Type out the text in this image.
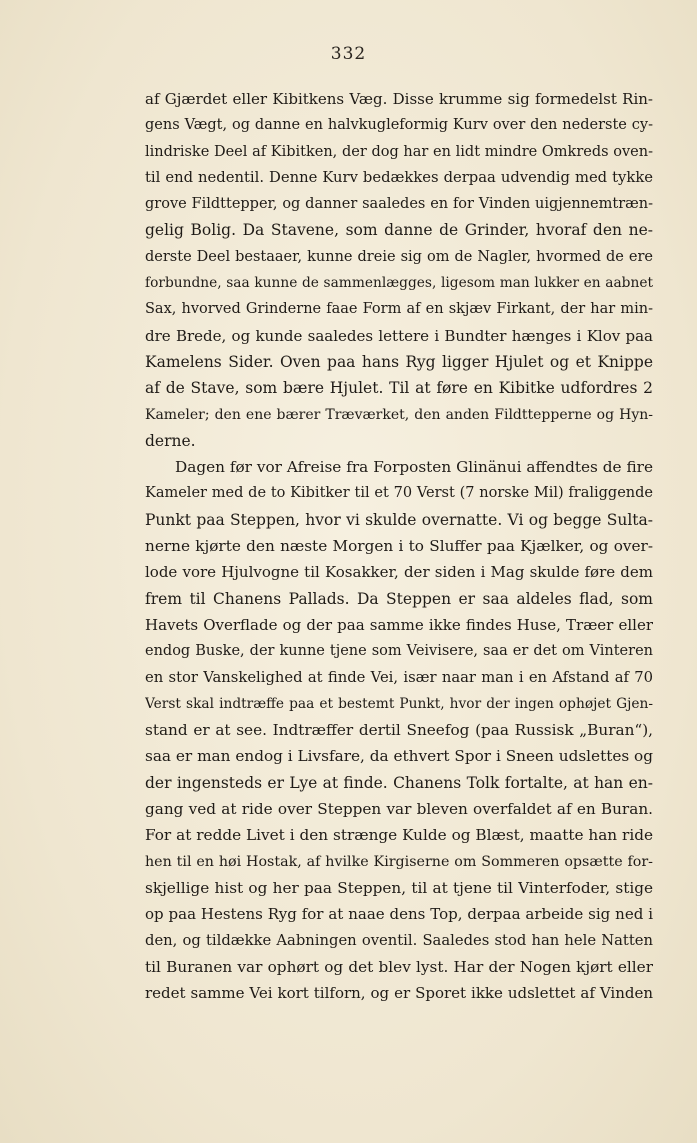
332
af Gjærdet eller Kibitkens Væg. Disse krumme sig formedelst Rin-
gens Vægt, og danne en halvkugleformig Kurv over den nederste cy-
lindriske Deel af Kibitken, der dog har en lidt mindre Omkreds oven-
til end nedentil. Denne Kurv bedækkes derpaa udvendig med tykke
grove Fildttepper, og danner saaledes en for Vinden uigjennemtræn-
gelig Bolig. Da Stavene, som danne de Grinder, hvoraf den ne-
derste Deel bestaaer, kunne dreie sig om de Nagler, hvormed de ere
forbundne, saa kunne de sammenlægges, ligesom man lukker en aabnet
Sax, hvorved Grinderne faae Form af en skjæv Firkant, der har min-
dre Brede, og kunde saaledes lettere i Bundter hænges i Klov paa
Kamelens Sider. Oven paa hans Ryg ligger Hjulet og et Knippe
af de Stave, som bære Hjulet. Til at føre en Kibitke udfordres 2
Kameler; den ene bærer Træværket, den anden Fildttepperne og Hyn-
derne.
Dagen før vor Afreise fra Forposten Glinänui affendtes de fire
Kameler med de to Kibitker til et 70 Verst (7 norske Mil) fraliggende
Punkt paa Steppen, hvor vi skulde overnatte. Vi og begge Sulta-
nerne kjørte den næste Morgen i to Sluffer paa Kjælker, og over-
lode vore Hjulvogne til Kosakker, der siden i Mag skulde føre dem
frem til Chanens Pallads. Da Steppen er saa aldeles flad, som
Havets Overflade og der paa samme ikke findes Huse, Træer eller
endog Buske, der kunne tjene som Veivisere, saa er det om Vinteren
en stor Vanskelighed at finde Vei, især naar man i en Afstand af 70
Verst skal indtræffe paa et bestemt Punkt, hvor der ingen ophøjet Gjen-
stand er at see. Indtræffer dertil Sneefog (paa Russisk „Buran“),
saa er man endog i Livsfare, da ethvert Spor i Sneen udslettes og
der ingensteds er Lye at finde. Chanens Tolk fortalte, at han en-
gang ved at ride over Steppen var bleven overfaldet af en Buran.
For at redde Livet i den strænge Kulde og Blæst, maatte han ride
hen til en høi Hostak, af hvilke Kirgiserne om Sommeren opsætte for-
skjellige hist og her paa Steppen, til at tjene til Vinterfoder, stige
op paa Hestens Ryg for at naae dens Top, derpaa arbeide sig ned i
den, og tildække Aabningen oventil. Saaledes stod han hele Natten
til Buranen var ophørt og det blev lyst. Har der Nogen kjørt eller
redet samme Vei kort tilforn, og er Sporet ikke udslettet af Vinden
